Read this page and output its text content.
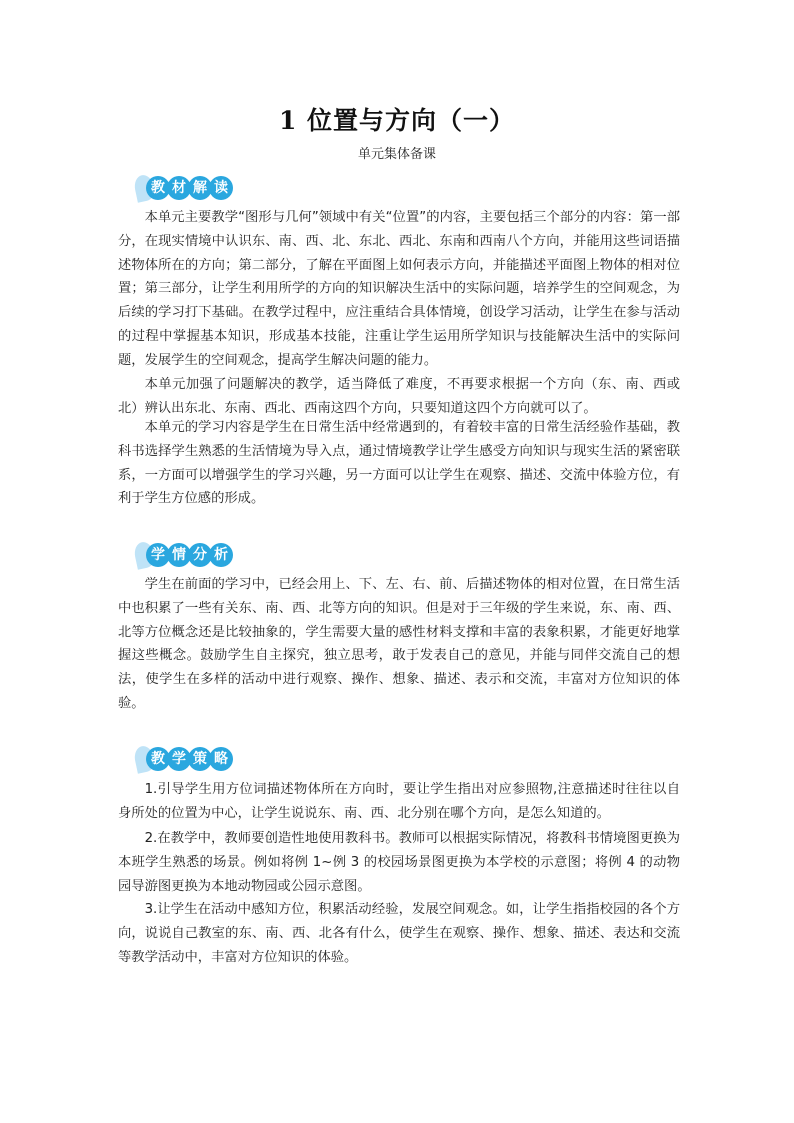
1 位置与方向（一）
单元集体备课
教 材 解 读

本单元主要教学“图形与几何”领域中有关“位置”的内容，主要包括三个部分的内容：第一部分，在现实情境中认识东、南、西、北、东北、西北、东南和西南八个方向，并能用这些词语描述物体所在的方向；第二部分，了解在平面图上如何表示方向，并能描述平面图上物体的相对位置；第三部分，让学生利用所学的方向的知识解决生活中的实际问题，培养学生的空间观念，为后续的学习打下基础。在教学过程中，应注重结合具体情境，创设学习活动，让学生在参与活动的过程中掌握基本知识，形成基本技能，注重让学生运用所学知识与技能解决生活中的实际问题，发展学生的空间观念，提高学生解决问题的能力。

本单元加强了问题解决的教学，适当降低了难度，不再要求根据一个方向（东、南、西或北）辨认出东北、东南、西北、西南这四个方向，只要知道这四个方向就可以了。

本单元的学习内容是学生在日常生活中经常遇到的，有着较丰富的日常生活经验作基础，教科书选择学生熟悉的生活情境为导入点，通过情境教学让学生感受方向知识与现实生活的紧密联系，一方面可以增强学生的学习兴趣，另一方面可以让学生在观察、描述、交流中体验方位，有利于学生方位感的形成。

学 情 分 析

学生在前面的学习中，已经会用上、下、左、右、前、后描述物体的相对位置，在日常生活中也积累了一些有关东、南、西、北等方向的知识。但是对于三年级的学生来说，东、南、西、北等方位概念还是比较抽象的，学生需要大量的感性材料支撑和丰富的表象积累，才能更好地掌握这些概念。鼓励学生自主探究，独立思考，敢于发表自己的意见，并能与同伴交流自己的想法，使学生在多样的活动中进行观察、操作、想象、描述、表示和交流，丰富对方位知识的体验。

教 学 策 略

1.引导学生用方位词描述物体所在方向时，要让学生指出对应参照物,注意描述时往往以自身所处的位置为中心，让学生说说东、南、西、北分别在哪个方向，是怎么知道的。

2.在教学中，教师要创造性地使用教科书。教师可以根据实际情况，将教科书情境图更换为本班学生熟悉的场景。例如将例 1~例 3 的校园场景图更换为本学校的示意图；将例 4 的动物园导游图更换为本地动物园或公园示意图。

3.让学生在活动中感知方位，积累活动经验，发展空间观念。如，让学生指指校园的各个方向，说说自己教室的东、南、西、北各有什么，使学生在观察、操作、想象、描述、表达和交流等教学活动中，丰富对方位知识的体验。
